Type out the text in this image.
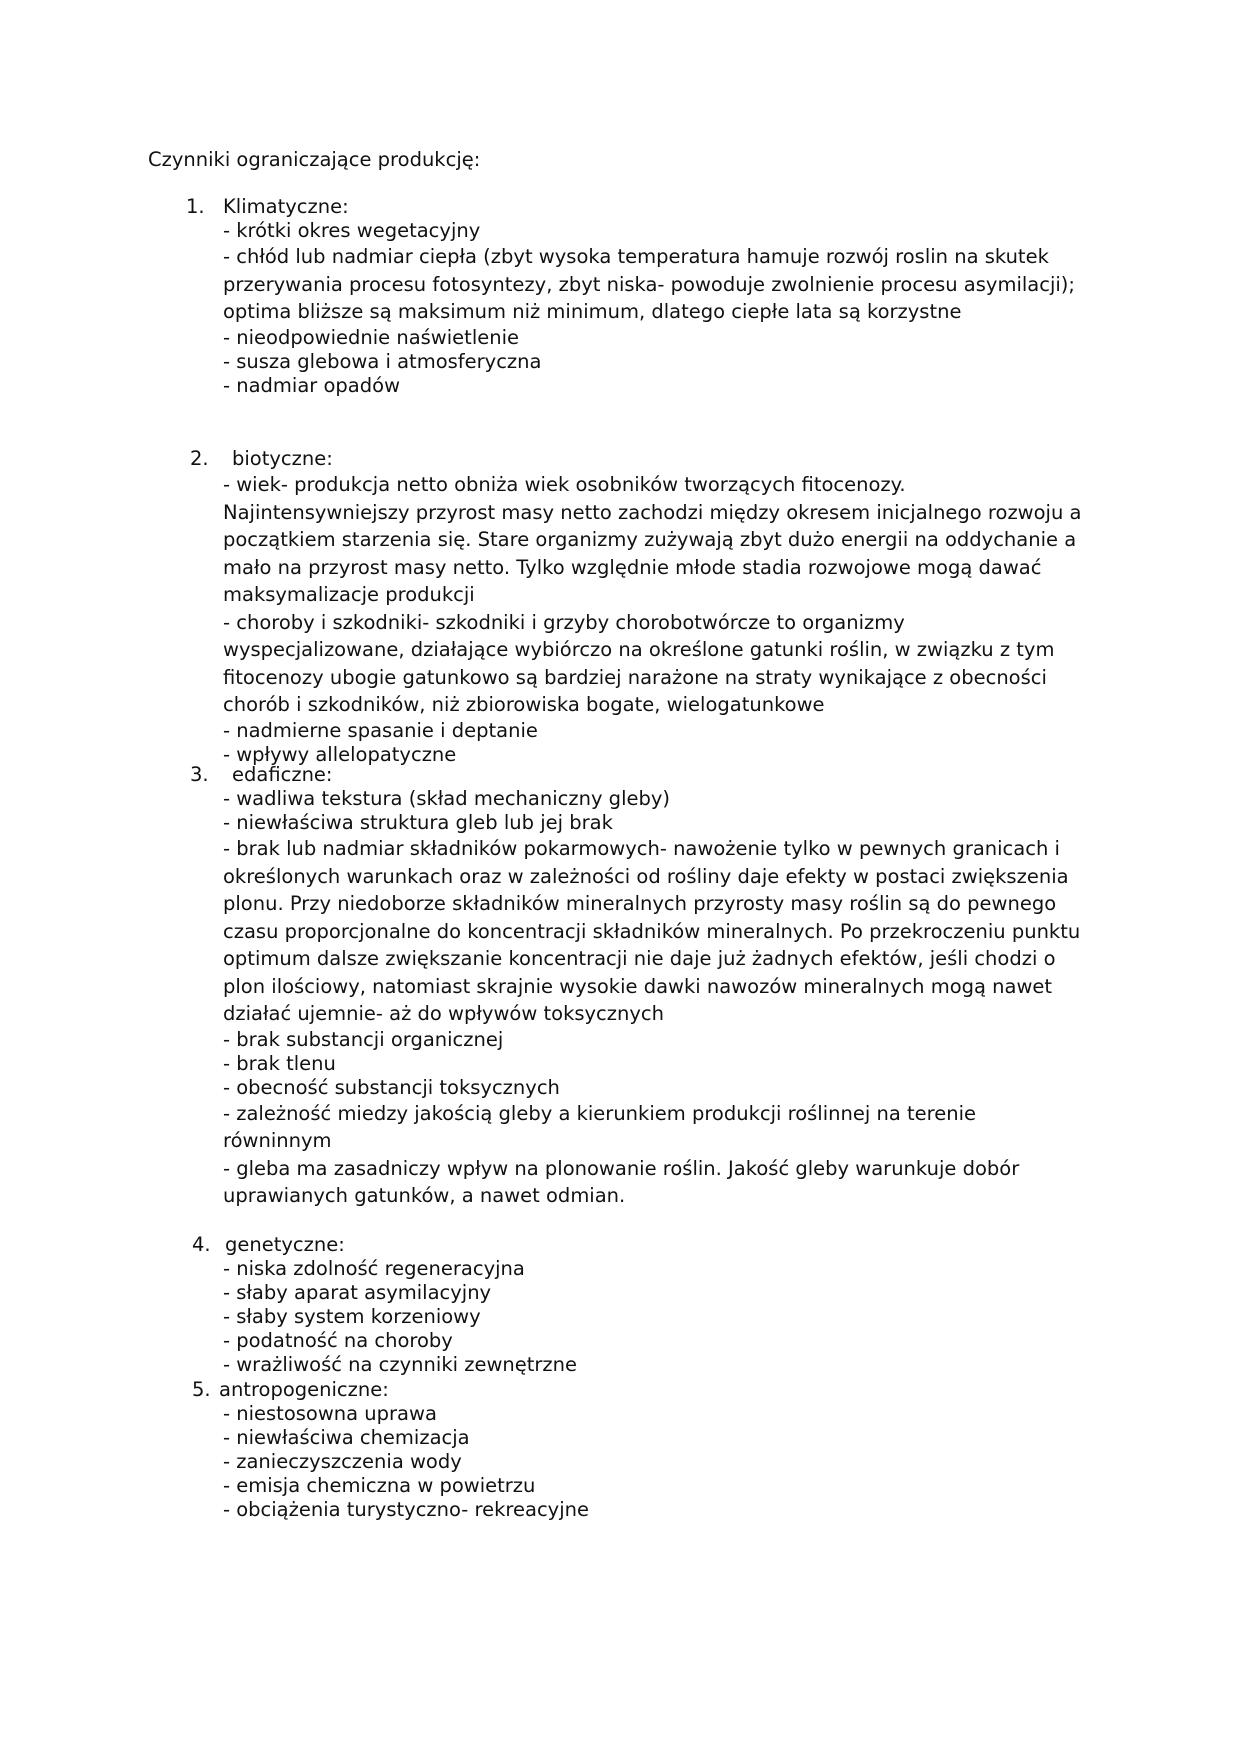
Czynniki ograniczające produkcję:
1. Klimatyczne:
- krótki okres wegetacyjny
- chłód lub nadmiar ciepła (zbyt wysoka temperatura hamuje rozwój roslin na skutek przerywania procesu fotosyntezy, zbyt niska- powoduje zwolnienie procesu asymilacji); optima bliższe są maksimum niż minimum, dlatego ciepłe lata są korzystne
- nieodpowiednie naświetlenie
- susza glebowa i atmosferyczna
- nadmiar opadów
2.	biotyczne:
- wiek- produkcja netto obniża wiek osobników tworzących fitocenozy. Najintensywniejszy przyrost masy netto zachodzi między okresem inicjalnego rozwoju a początkiem starzenia się. Stare organizmy zużywają zbyt dużo energii na oddychanie a mało na przyrost masy netto. Tylko względnie młode stadia rozwojowe mogą dawać maksymalizacje produkcji
- choroby i szkodniki- szkodniki i grzyby chorobotwórcze to organizmy wyspecjalizowane, działające wybiórczo na określone gatunki roślin, w związku z tym fitocenozy ubogie gatunkowo są bardziej narażone na straty wynikające z obecności chorób i szkodników, niż zbiorowiska bogate, wielogatunkowe
- nadmierne spasanie i deptanie
- wpływy allelopatyczne
3.	edaficzne:
- wadliwa tekstura (skład mechaniczny gleby)
- niewłaściwa struktura gleb lub jej brak
- brak lub nadmiar składników pokarmowych- nawożenie tylko w pewnych granicach i określonych warunkach oraz w zależności od rośliny daje efekty w postaci zwiększenia plonu. Przy niedoborze składników mineralnych przyrosty masy roślin są do pewnego czasu proporcjonalne do koncentracji składników mineralnych. Po przekroczeniu punktu optimum dalsze zwiększanie koncentracji nie daje już żadnych efektów, jeśli chodzi o plon ilościowy, natomiast skrajnie wysokie dawki nawozów mineralnych mogą nawet działać ujemnie- aż do wpływów toksycznych
- brak substancji organicznej
- brak tlenu
- obecność substancji toksycznych
- zależność miedzy jakością gleby a kierunkiem produkcji roślinnej na terenie równinnym
- gleba ma zasadniczy wpływ na plonowanie roślin. Jakość gleby warunkuje dobór uprawianych gatunków, a nawet odmian.
4. genetyczne:
- niska zdolność regeneracyjna
- słaby aparat asymilacyjny
- słaby system korzeniowy
- podatność na choroby
- wrażliwość na czynniki zewnętrzne
5. antropogeniczne:
- niestosowna uprawa
- niewłaściwa chemizacja
- zanieczyszczenia wody
- emisja chemiczna w powietrzu
- obciążenia turystyczno- rekreacyjne
